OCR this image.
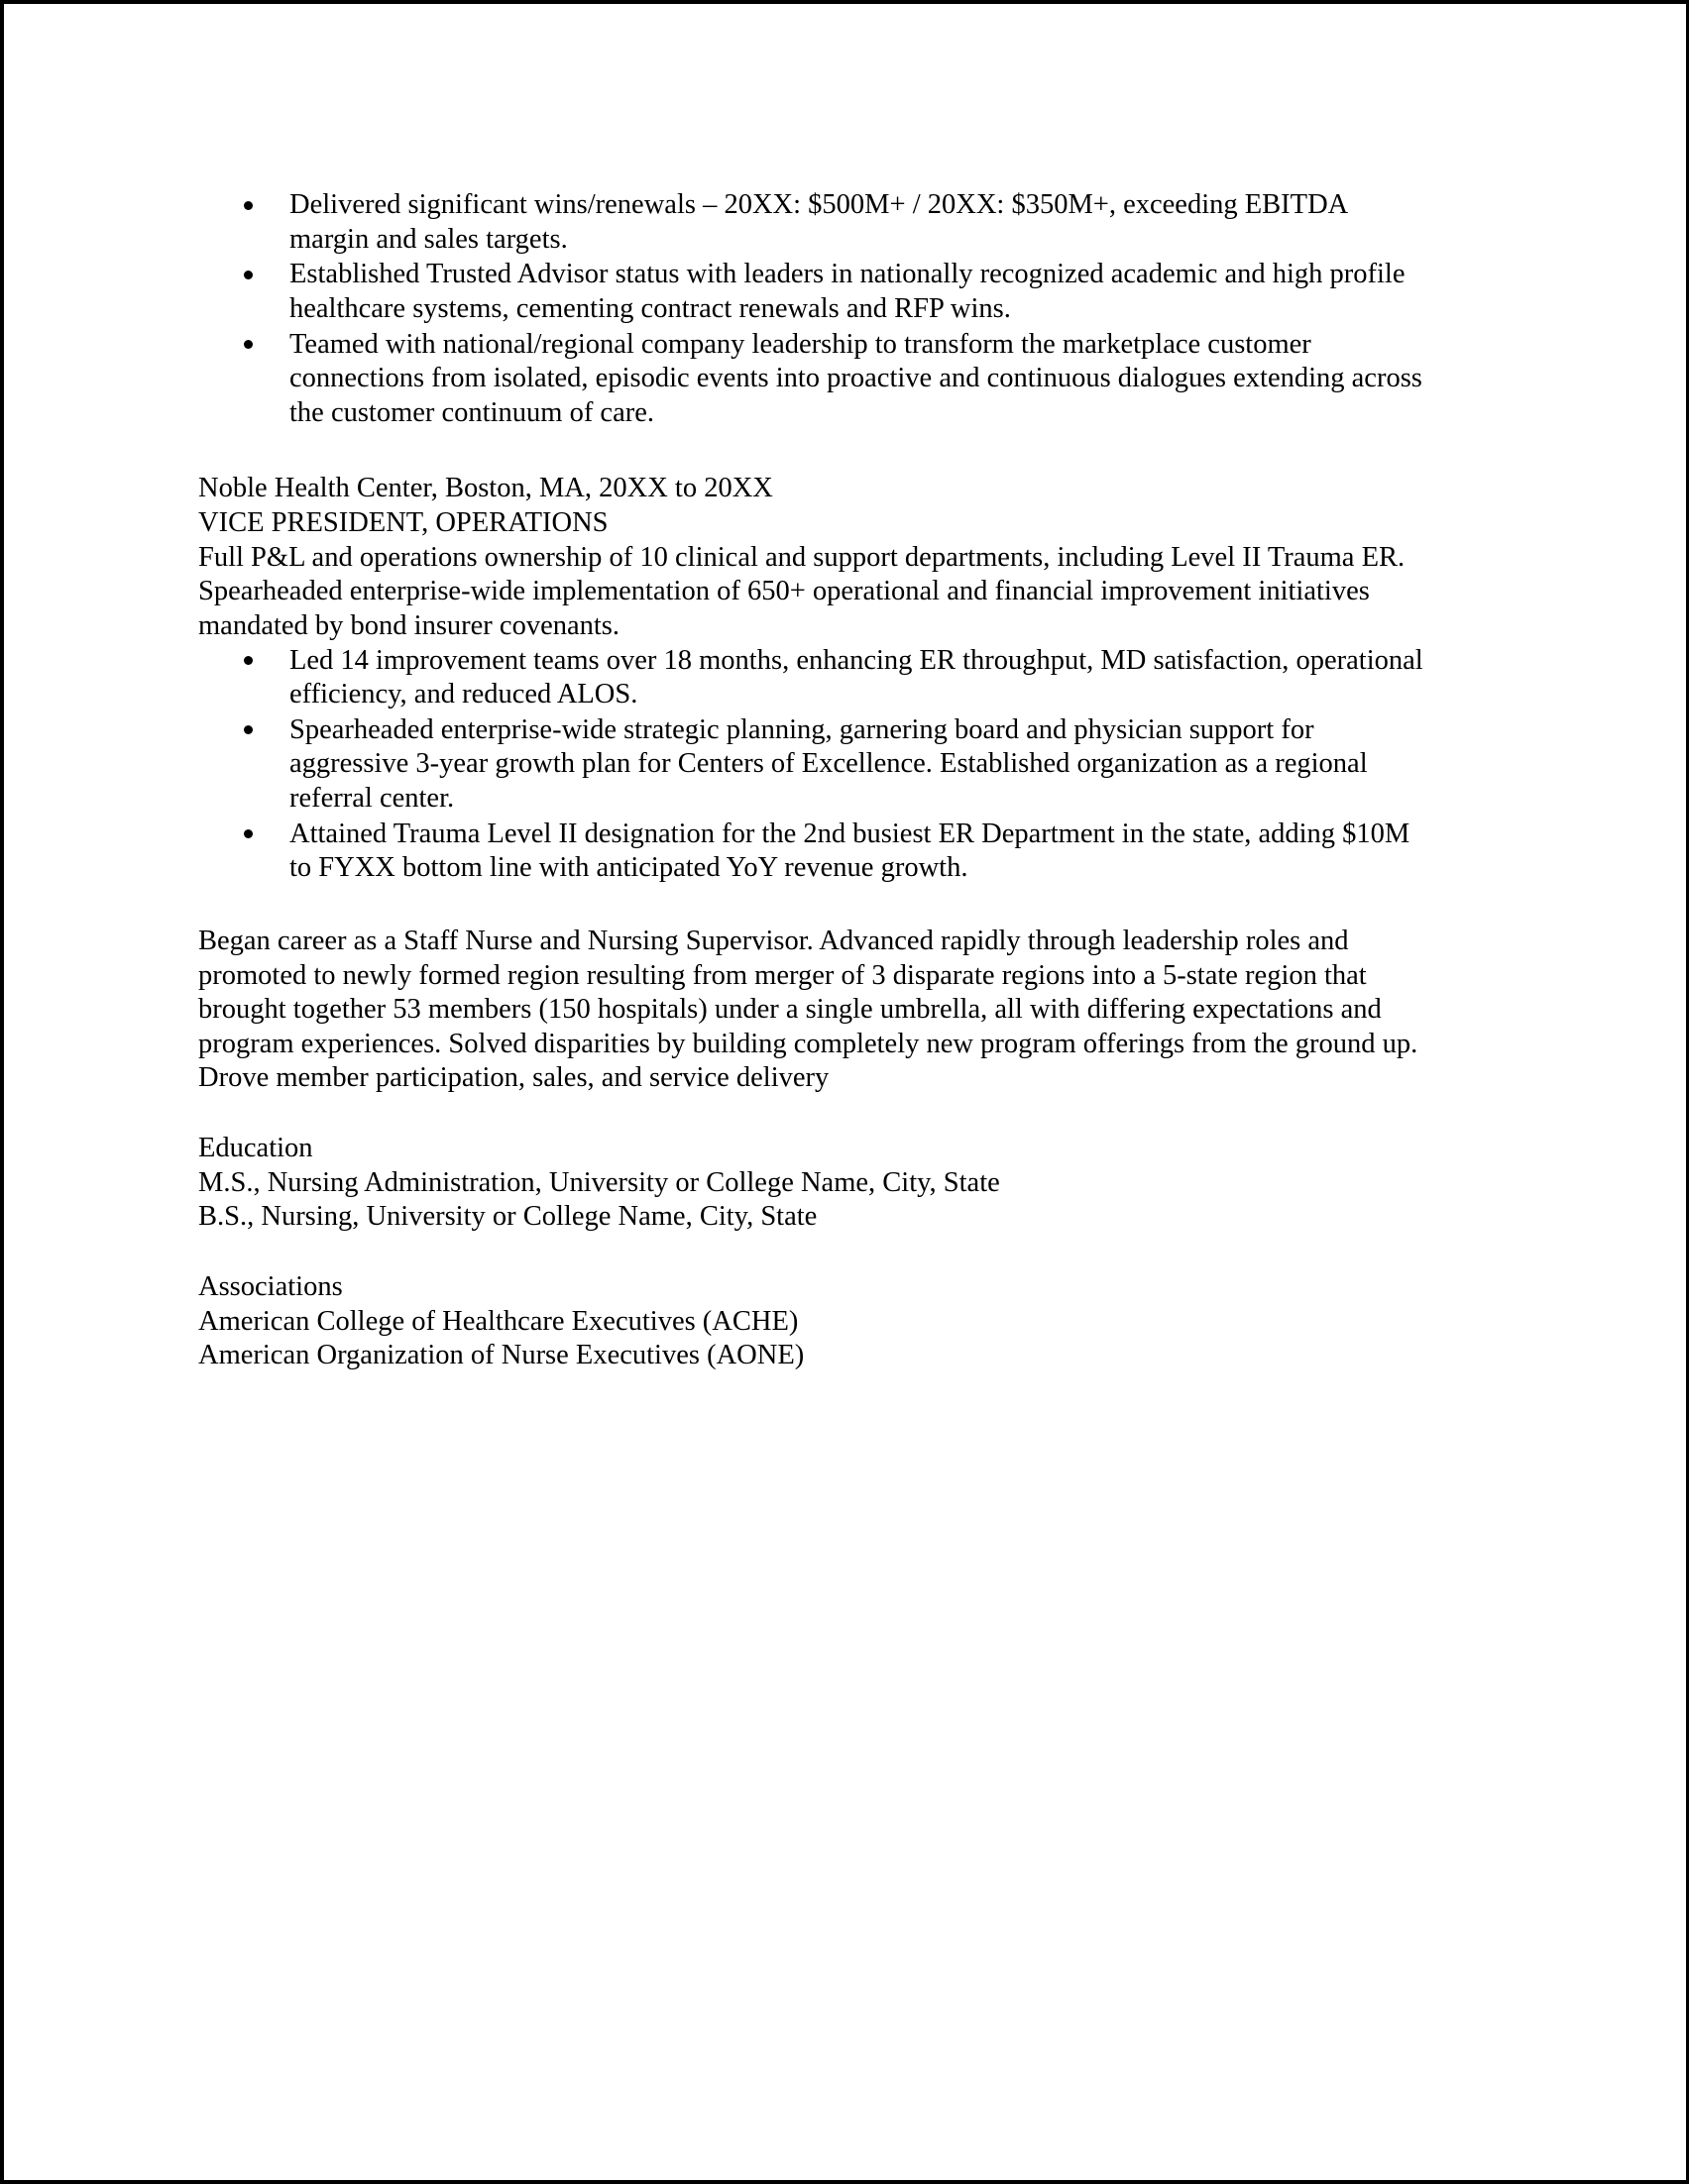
Delivered significant wins/renewals – 20XX: $500M+ / 20XX: $350M+, exceeding EBITDA margin and sales targets.
Established Trusted Advisor status with leaders in nationally recognized academic and high profile healthcare systems, cementing contract renewals and RFP wins.
Teamed with national/regional company leadership to transform the marketplace customer connections from isolated, episodic events into proactive and continuous dialogues extending across the customer continuum of care.
Noble Health Center, Boston, MA, 20XX to 20XX
VICE PRESIDENT, OPERATIONS
Full P&L and operations ownership of 10 clinical and support departments, including Level II Trauma ER. Spearheaded enterprise-wide implementation of 650+ operational and financial improvement initiatives mandated by bond insurer covenants.
Led 14 improvement teams over 18 months, enhancing ER throughput, MD satisfaction, operational efficiency, and reduced ALOS.
Spearheaded enterprise-wide strategic planning, garnering board and physician support for aggressive 3-year growth plan for Centers of Excellence. Established organization as a regional referral center.
Attained Trauma Level II designation for the 2nd busiest ER Department in the state, adding $10M to FYXX bottom line with anticipated YoY revenue growth.
Began career as a Staff Nurse and Nursing Supervisor. Advanced rapidly through leadership roles and promoted to newly formed region resulting from merger of 3 disparate regions into a 5-state region that brought together 53 members (150 hospitals) under a single umbrella, all with differing expectations and program experiences. Solved disparities by building completely new program offerings from the ground up. Drove member participation, sales, and service delivery
Education
M.S., Nursing Administration, University or College Name, City, State
B.S., Nursing, University or College Name, City, State
Associations
American College of Healthcare Executives (ACHE)
American Organization of Nurse Executives (AONE)
